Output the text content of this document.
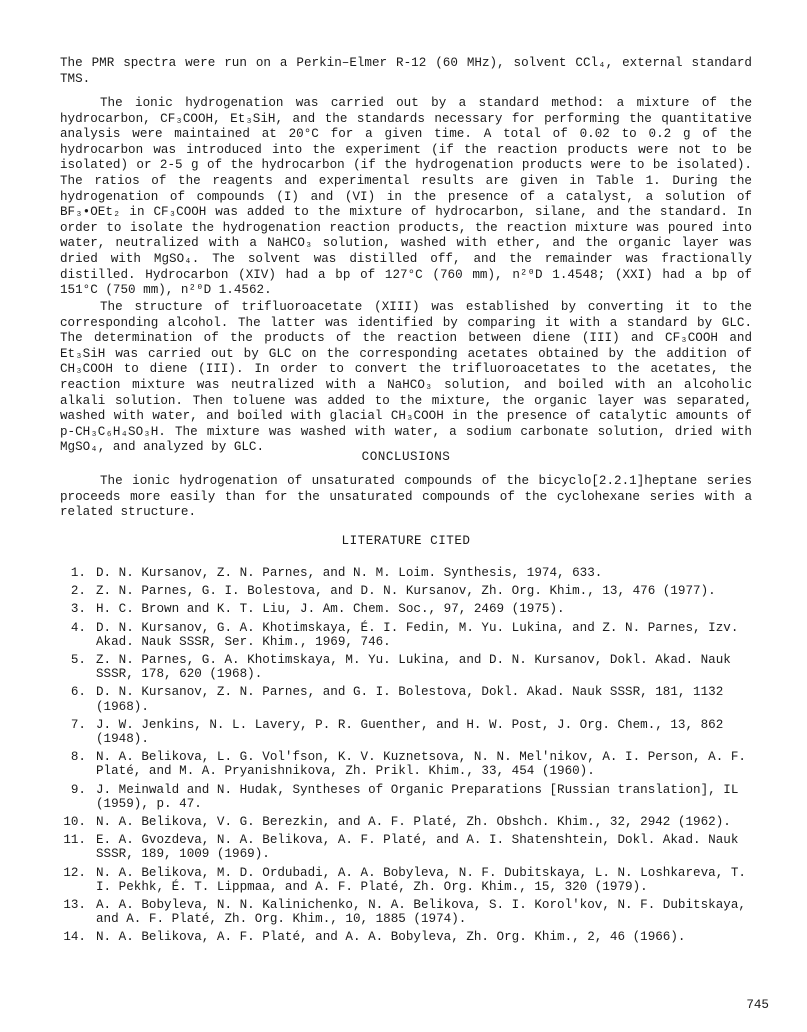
The PMR spectra were run on a Perkin–Elmer R-12 (60 MHz), solvent CCl₄, external standard TMS.

The ionic hydrogenation was carried out by a standard method: a mixture of the hydrocarbon, CF₃COOH, Et₃SiH, and the standards necessary for performing the quantitative analysis were maintained at 20°C for a given time. A total of 0.02 to 0.2 g of the hydrocarbon was introduced into the experiment (if the reaction products were not to be isolated) or 2-5 g of the hydrocarbon (if the hydrogenation products were to be isolated). The ratios of the reagents and experimental results are given in Table 1. During the hydrogenation of compounds (I) and (VI) in the presence of a catalyst, a solution of BF₃•OEt₂ in CF₃COOH was added to the mixture of hydrocarbon, silane, and the standard. In order to isolate the hydrogenation reaction products, the reaction mixture was poured into water, neutralized with a NaHCO₃ solution, washed with ether, and the organic layer was dried with MgSO₄. The solvent was distilled off, and the remainder was fractionally distilled. Hydrocarbon (XIV) had a bp of 127°C (760 mm), n²⁰D 1.4548; (XXI) had a bp of 151°C (750 mm), n²⁰D 1.4562.

The structure of trifluoroacetate (XIII) was established by converting it to the corresponding alcohol. The latter was identified by comparing it with a standard by GLC. The determination of the products of the reaction between diene (III) and CF₃COOH and Et₃SiH was carried out by GLC on the corresponding acetates obtained by the addition of CH₃COOH to diene (III). In order to convert the trifluoroacetates to the acetates, the reaction mixture was neutralized with a NaHCO₃ solution, and boiled with an alcoholic alkali solution. Then toluene was added to the mixture, the organic layer was separated, washed with water, and boiled with glacial CH₃COOH in the presence of catalytic amounts of p-CH₃C₆H₄SO₃H. The mixture was washed with water, a sodium carbonate solution, dried with MgSO₄, and analyzed by GLC.

CONCLUSIONS

The ionic hydrogenation of unsaturated compounds of the bicyclo[2.2.1]heptane series proceeds more easily than for the unsaturated compounds of the cyclohexane series with a related structure.

LITERATURE CITED

1. D. N. Kursanov, Z. N. Parnes, and N. M. Loim. Synthesis, 1974, 633.
2. Z. N. Parnes, G. I. Bolestova, and D. N. Kursanov, Zh. Org. Khim., 13, 476 (1977).
3. H. C. Brown and K. T. Liu, J. Am. Chem. Soc., 97, 2469 (1975).
4. D. N. Kursanov, G. A. Khotimskaya, É. I. Fedin, M. Yu. Lukina, and Z. N. Parnes, Izv. Akad. Nauk SSSR, Ser. Khim., 1969, 746.
5. Z. N. Parnes, G. A. Khotimskaya, M. Yu. Lukina, and D. N. Kursanov, Dokl. Akad. Nauk SSSR, 178, 620 (1968).
6. D. N. Kursanov, Z. N. Parnes, and G. I. Bolestova, Dokl. Akad. Nauk SSSR, 181, 1132 (1968).
7. J. W. Jenkins, N. L. Lavery, P. R. Guenther, and H. W. Post, J. Org. Chem., 13, 862 (1948).
8. N. A. Belikova, L. G. Vol'fson, K. V. Kuznetsova, N. N. Mel'nikov, A. I. Person, A. F. Platé, and M. A. Pryanishnikova, Zh. Prikl. Khim., 33, 454 (1960).
9. J. Meinwald and N. Hudak, Syntheses of Organic Preparations [Russian translation], IL (1959), p. 47.
10. N. A. Belikova, V. G. Berezkin, and A. F. Platé, Zh. Obshch. Khim., 32, 2942 (1962).
11. E. A. Gvozdeva, N. A. Belikova, A. F. Platé, and A. I. Shatenshtein, Dokl. Akad. Nauk SSSR, 189, 1009 (1969).
12. N. A. Belikova, M. D. Ordubadi, A. A. Bobyleva, N. F. Dubitskaya, L. N. Loshkareva, T. I. Pekhk, É. T. Lippmaa, and A. F. Platé, Zh. Org. Khim., 15, 320 (1979).
13. A. A. Bobyleva, N. N. Kalinichenko, N. A. Belikova, S. I. Korol'kov, N. F. Dubitskaya, and A. F. Platé, Zh. Org. Khim., 10, 1885 (1974).
14. N. A. Belikova, A. F. Platé, and A. A. Bobyleva, Zh. Org. Khim., 2, 46 (1966).
745
